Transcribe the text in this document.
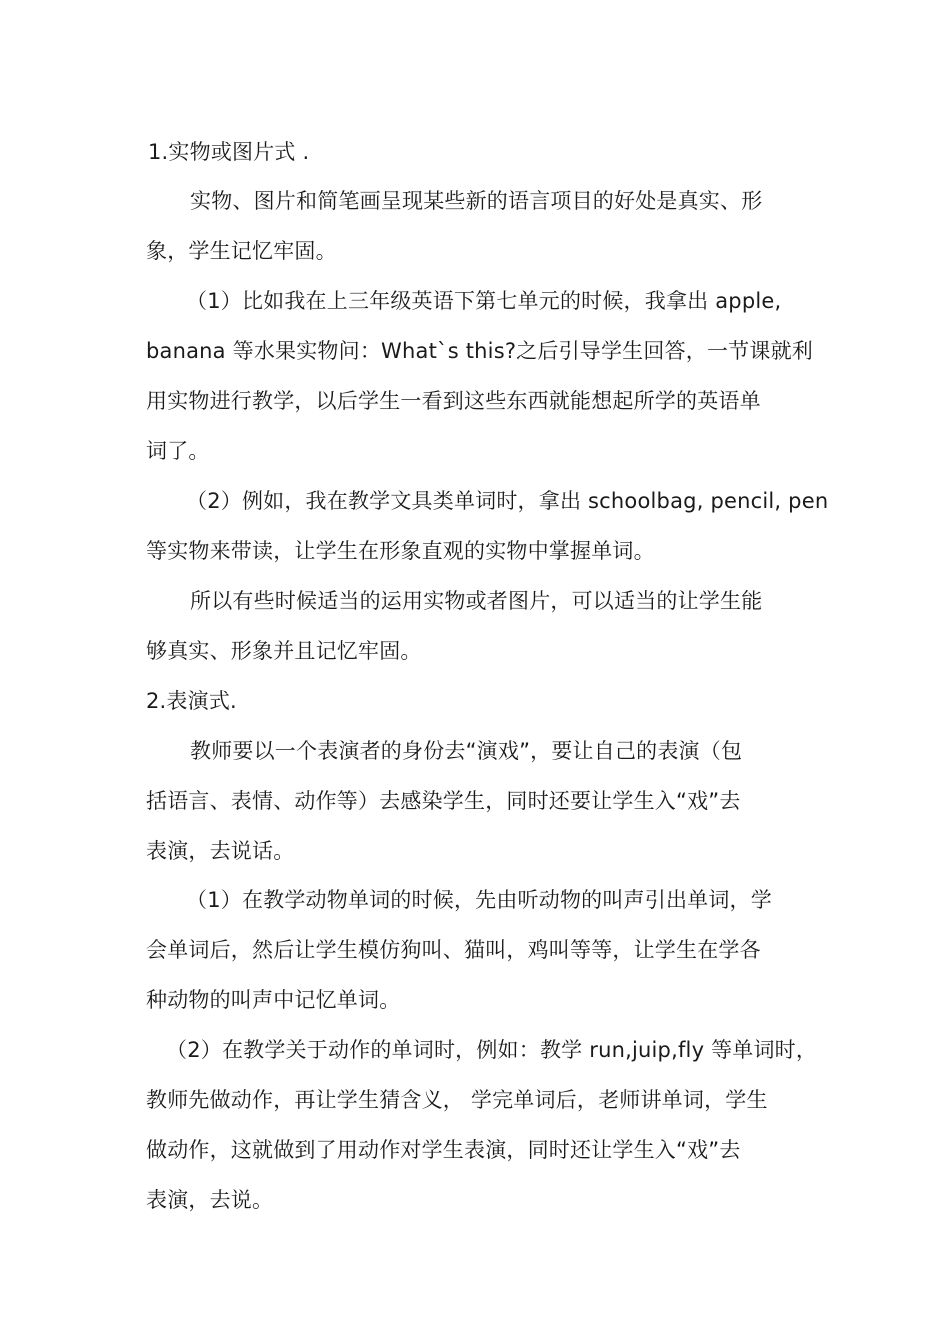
1.实物或图片式 .
实物、图片和简笔画呈现某些新的语言项目的好处是真实、形
象，学生记忆牢固。
（1）比如我在上三年级英语下第七单元的时候，我拿出 apple,
banana 等水果实物问：What`s this?之后引导学生回答，一节课就利
用实物进行教学，以后学生一看到这些东西就能想起所学的英语单
词了。
（2）例如，我在教学文具类单词时，拿出 schoolbag, pencil, pen
等实物来带读，让学生在形象直观的实物中掌握单词。
所以有些时候适当的运用实物或者图片，可以适当的让学生能
够真实、形象并且记忆牢固。
2.表演式.
教师要以一个表演者的身份去“演戏”，要让自己的表演（包
括语言、表情、动作等）去感染学生，同时还要让学生入“戏”去
表演，去说话。
（1）在教学动物单词的时候，先由听动物的叫声引出单词，学
会单词后，然后让学生模仿狗叫、猫叫，鸡叫等等，让学生在学各
种动物的叫声中记忆单词。
（2）在教学关于动作的单词时，例如：教学 run,juip,fly 等单词时，
教师先做动作，再让学生猜含义， 学完单词后，老师讲单词，学生
做动作，这就做到了用动作对学生表演，同时还让学生入“戏”去
表演，去说。
